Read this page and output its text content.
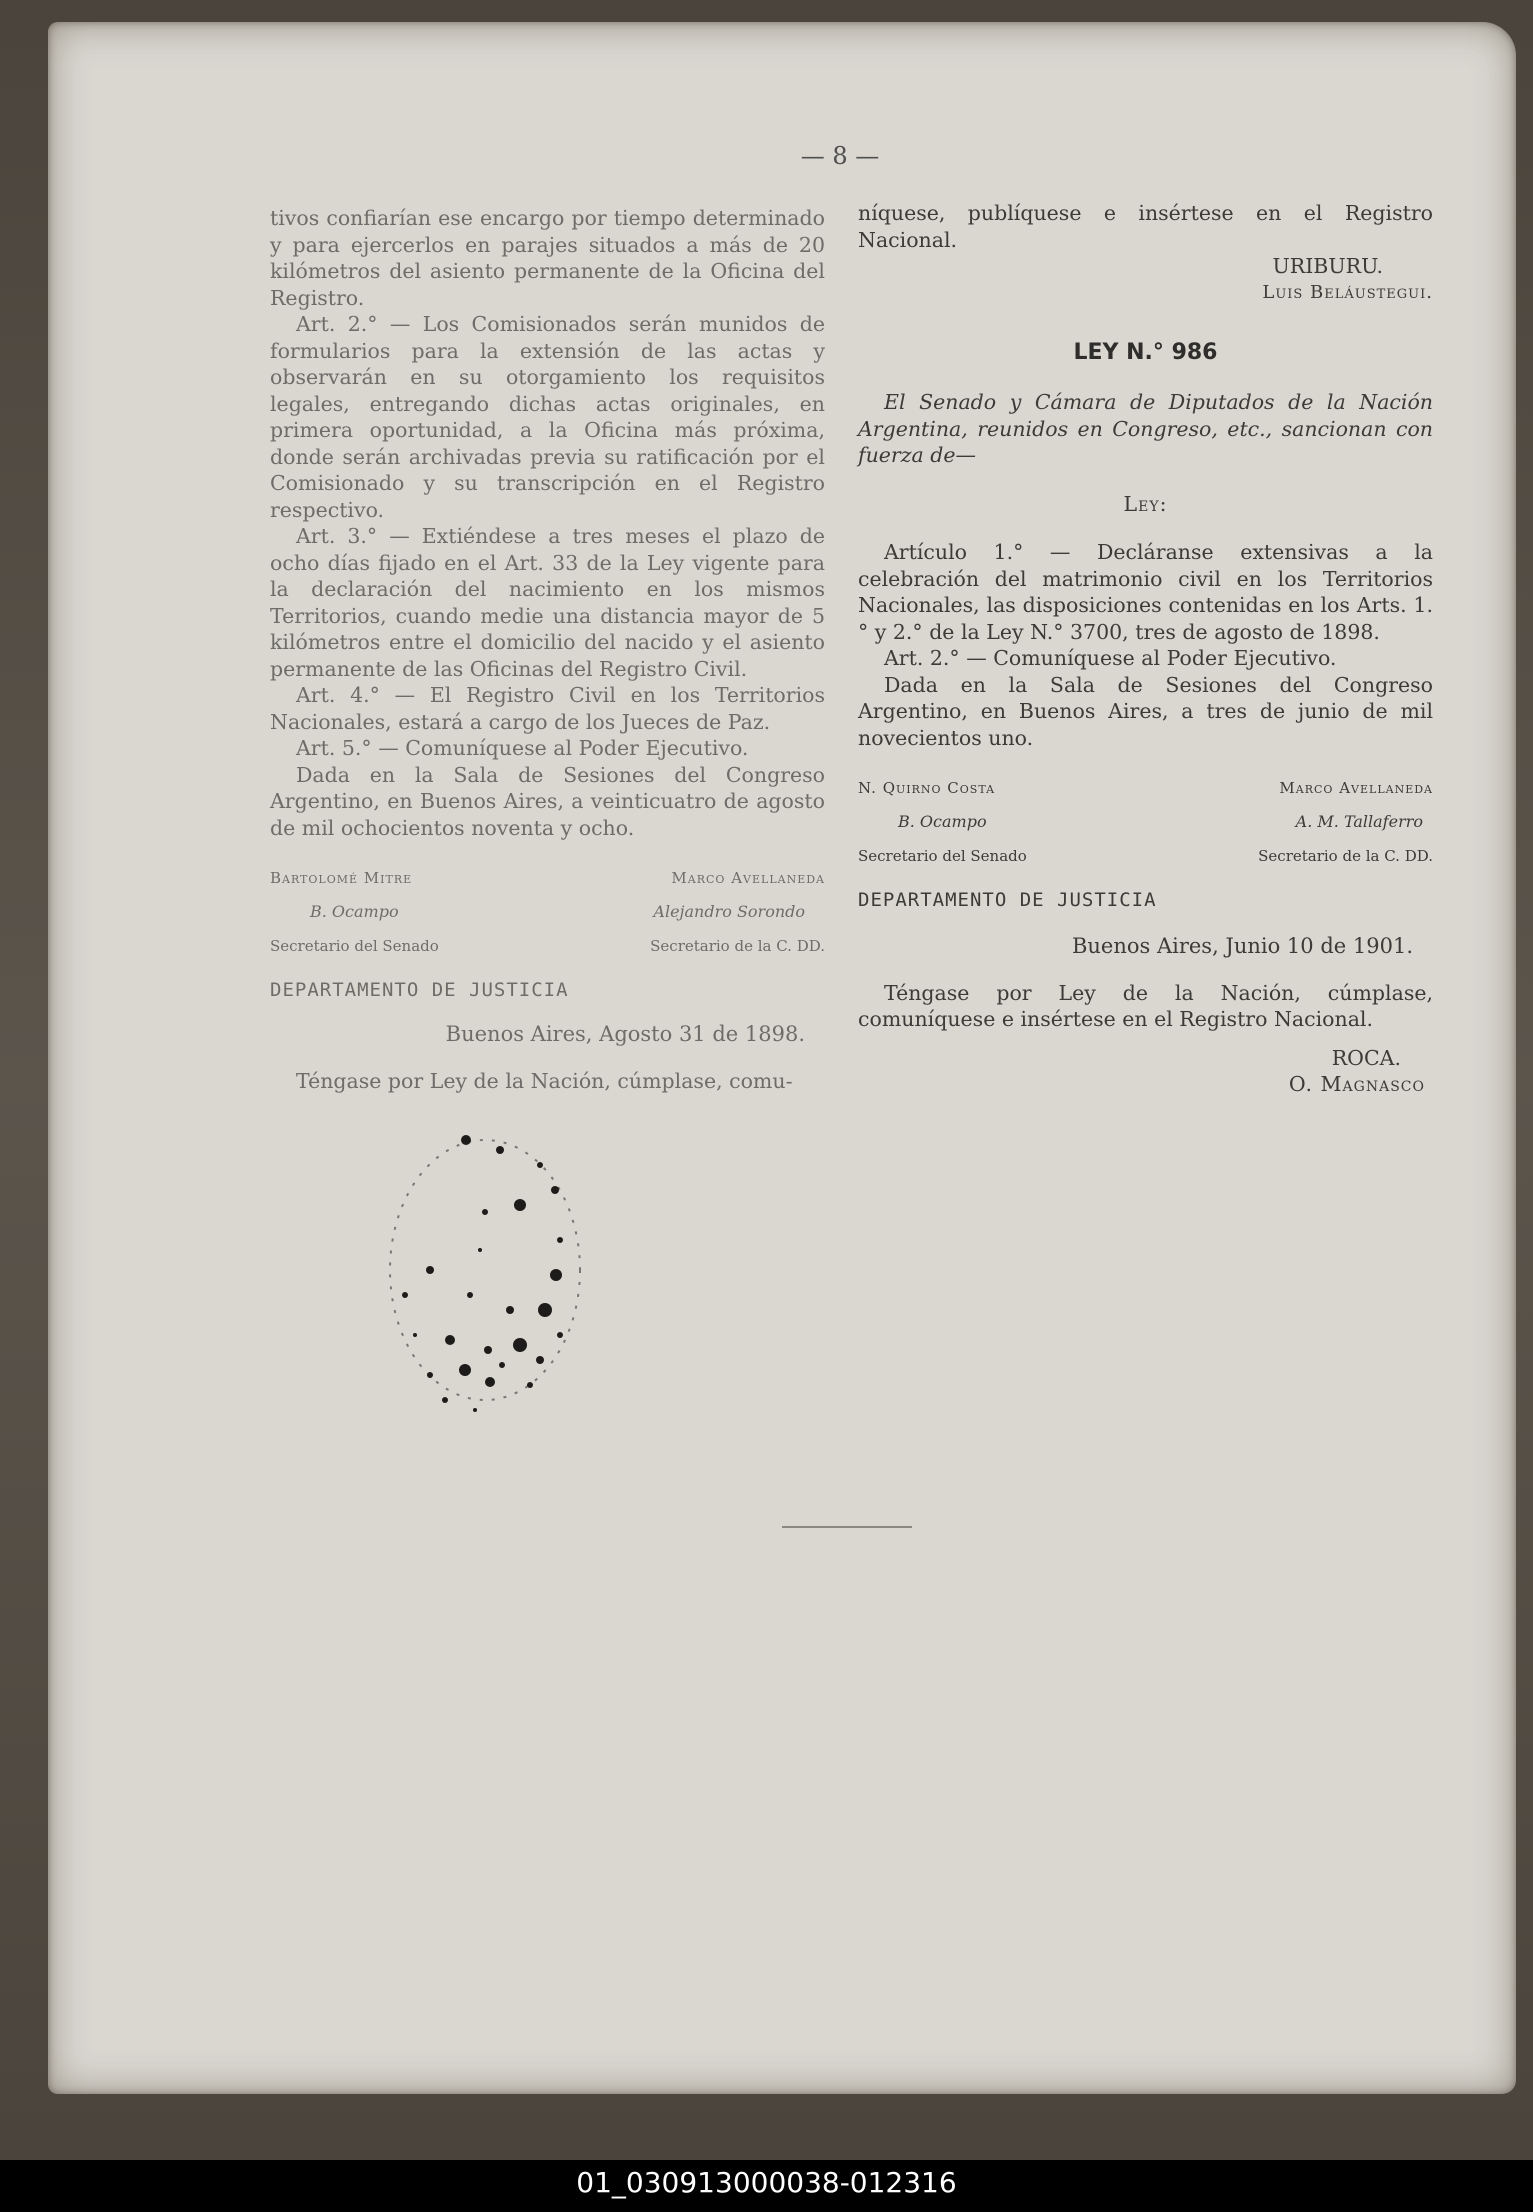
— 8 —

tivos confiarían ese encargo por tiempo determinado y para ejercerlos en parajes situados a más de 20 kilómetros del asiento permanente de la Oficina del Registro.

Art. 2.° — Los Comisionados serán munidos de formularios para la extensión de las actas y observarán en su otorgamiento los requisitos legales, entregando dichas actas originales, en primera oportunidad, a la Oficina más próxima, donde serán archivadas previa su ratificación por el Comisionado y su transcripción en el Registro respectivo.

Art. 3.° — Extiéndese a tres meses el plazo de ocho días fijado en el Art. 33 de la Ley vigente para la declaración del nacimiento en los mismos Territorios, cuando medie una distancia mayor de 5 kilómetros entre el domicilio del nacido y el asiento permanente de las Oficinas del Registro Civil.

Art. 4.° — El Registro Civil en los Territorios Nacionales, estará a cargo de los Jueces de Paz.

Art. 5.° — Comuníquese al Poder Ejecutivo.

Dada en la Sala de Sesiones del Congreso Argentino, en Buenos Aires, a veinticuatro de agosto de mil ochocientos noventa y ocho.

Bartolomé Mitre
B. Ocampo
Secretario del Senado
Marco Avellaneda
Alejandro Sorondo
Secretario de la C. DD.
DEPARTAMENTO DE JUSTICIA

Buenos Aires, Agosto 31 de 1898.

Téngase por Ley de la Nación, cúmplase, comu-

níquese, publíquese e insértese en el Registro Nacional.

URIBURU.

Luis Beláustegui.

LEY N.° 986

El Senado y Cámara de Diputados de la Nación Argentina, reunidos en Congreso, etc., sancionan con fuerza de—

Ley:

Artículo 1.° — Decláranse extensivas a la celebración del matrimonio civil en los Territorios Nacionales, las disposiciones contenidas en los Arts. 1.° y 2.° de la Ley N.° 3700, tres de agosto de 1898.

Art. 2.° — Comuníquese al Poder Ejecutivo.

Dada en la Sala de Sesiones del Congreso Argentino, en Buenos Aires, a tres de junio de mil novecientos uno.

N. Quirno Costa
B. Ocampo
Secretario del Senado
Marco Avellaneda
A. M. Tallaferro
Secretario de la C. DD.
DEPARTAMENTO DE JUSTICIA

Buenos Aires, Junio 10 de 1901.

Téngase por Ley de la Nación, cúmplase, comuníquese e insértese en el Registro Nacional.

ROCA.

O. Magnasco

01_030913000038-012316
